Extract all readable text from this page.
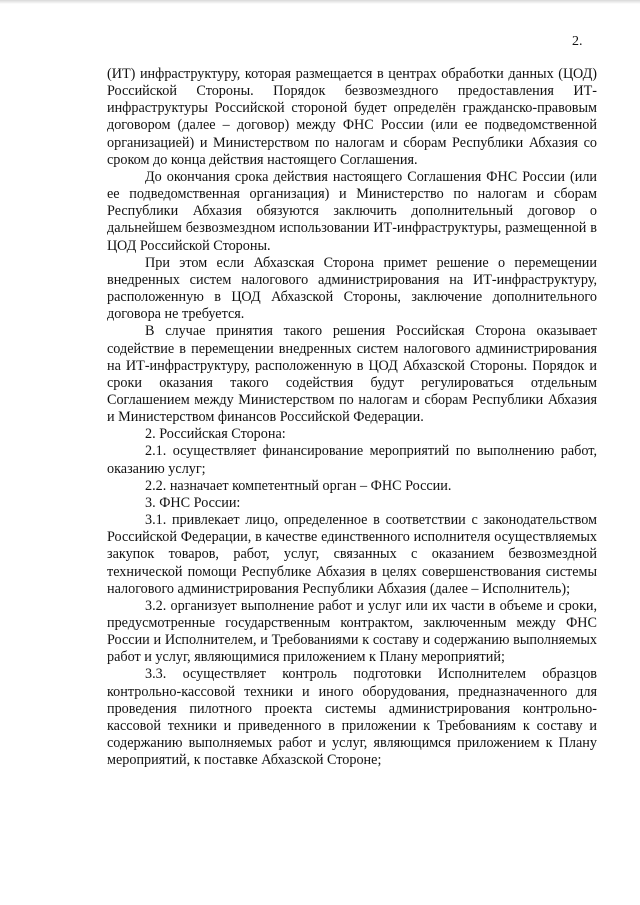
2.

(ИТ) инфраструктуру, которая размещается в центрах обработки данных (ЦОД) Российской Стороны. Порядок безвозмездного предоставления ИТ-инфраструктуры Российской стороной будет определён гражданско-правовым договором (далее – договор) между ФНС России (или ее подведомственной организацией) и Министерством по налогам и сборам Республики Абхазия со сроком до конца действия настоящего Соглашения.

До окончания срока действия настоящего Соглашения ФНС России (или ее подведомственная организация) и Министерство по налогам и сборам Республики Абхазия обязуются заключить дополнительный договор о дальнейшем безвозмездном использовании ИТ-инфраструктуры, размещенной в ЦОД Российской Стороны.

При этом если Абхазская Сторона примет решение о перемещении внедренных систем налогового администрирования на ИТ-инфраструктуру, расположенную в ЦОД Абхазской Стороны, заключение дополнительного договора не требуется.

В случае принятия такого решения Российская Сторона оказывает содействие в перемещении внедренных систем налогового администрирования на ИТ-инфраструктуру, расположенную в ЦОД Абхазской Стороны. Порядок и сроки оказания такого содействия будут регулироваться отдельным Соглашением между Министерством по налогам и сборам Республики Абхазия и Министерством финансов Российской Федерации.

2. Российская Сторона:

2.1. осуществляет финансирование мероприятий по выполнению работ, оказанию услуг;

2.2. назначает компетентный орган – ФНС России.

3. ФНС России:

3.1. привлекает лицо, определенное в соответствии с законодательством Российской Федерации, в качестве единственного исполнителя осуществляемых закупок товаров, работ, услуг, связанных с оказанием безвозмездной технической помощи Республике Абхазия в целях совершенствования системы налогового администрирования Республики Абхазия (далее – Исполнитель);

3.2. организует выполнение работ и услуг или их части в объеме и сроки, предусмотренные государственным контрактом, заключенным между ФНС России и Исполнителем, и Требованиями к составу и содержанию выполняемых работ и услуг, являющимися приложением к Плану мероприятий;

3.3. осуществляет контроль подготовки Исполнителем образцов контрольно-кассовой техники и иного оборудования, предназначенного для проведения пилотного проекта системы администрирования контрольно-кассовой техники и приведенного в приложении к Требованиям к составу и содержанию выполняемых работ и услуг, являющимся приложением к Плану мероприятий, к поставке Абхазской Стороне;
